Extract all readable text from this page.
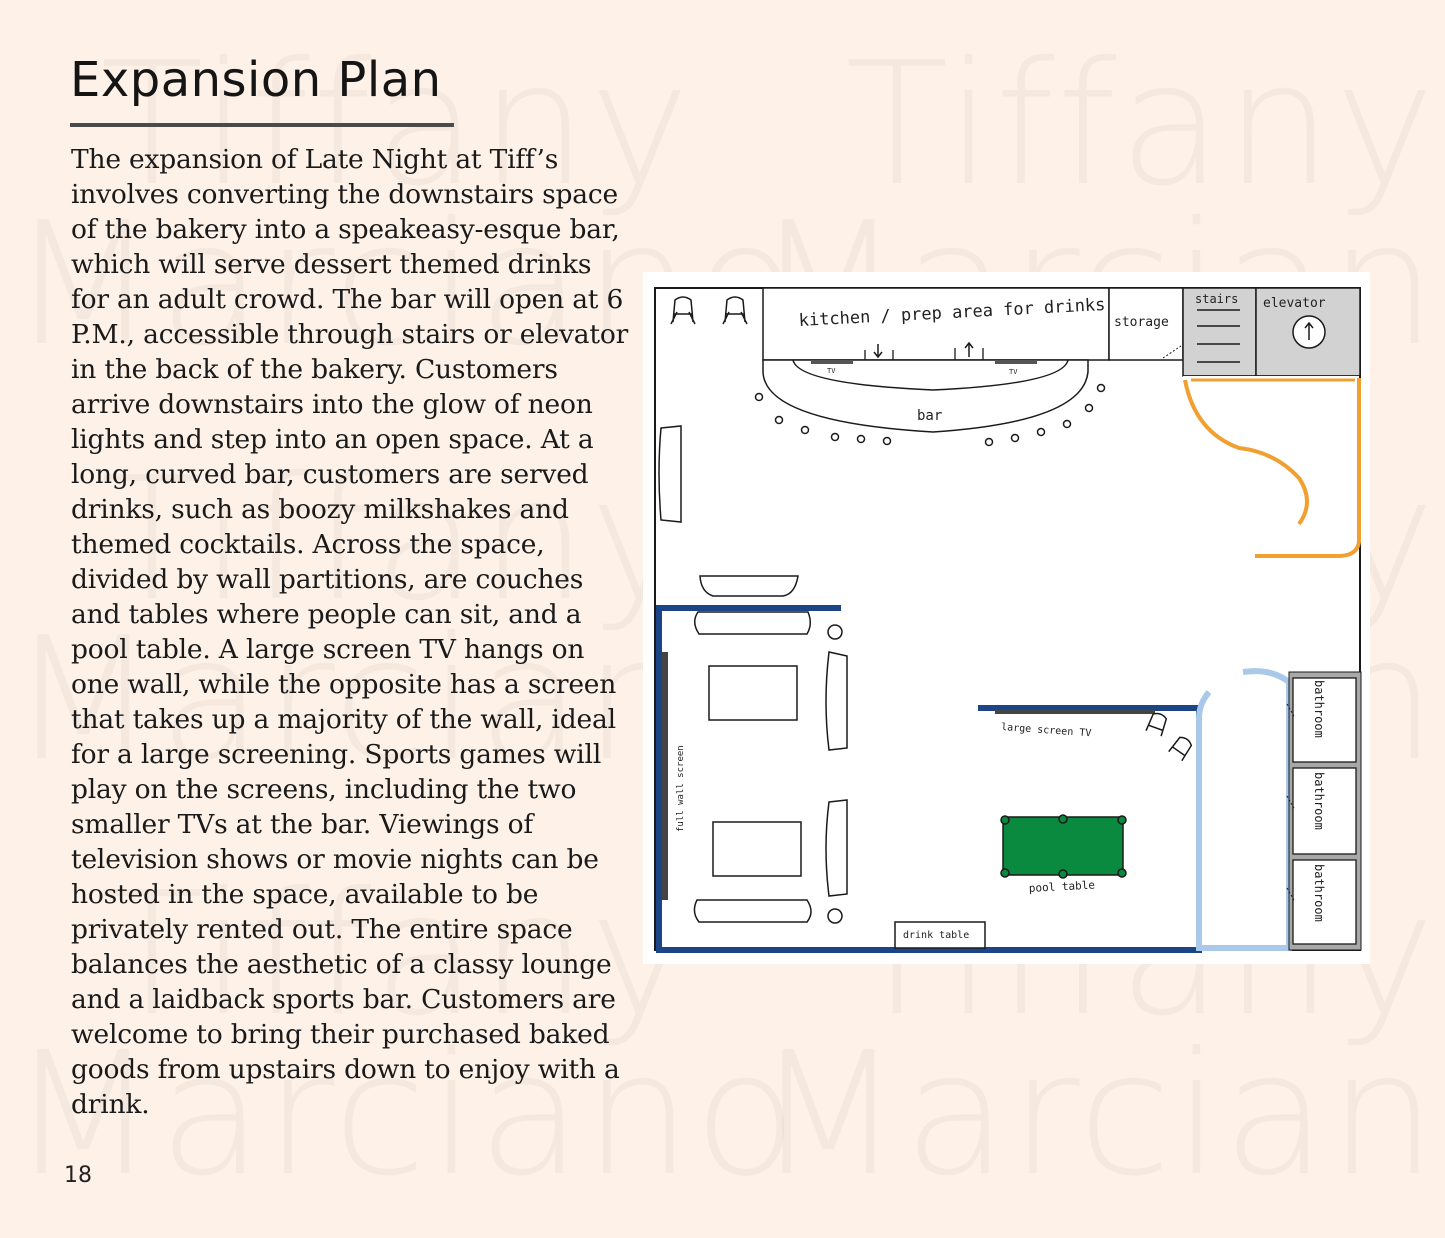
Expansion Plan

The expansion of Late Night at Tiff’s involves converting the downstairs space of the bakery into a speakeasy-esque bar, which will serve dessert themed drinks for an adult crowd. The bar will open at 6 P.M., accessible through stairs or elevator in the back of the bakery. Customers arrive downstairs into the glow of neon lights and step into an open space. At a long, curved bar, customers are served drinks, such as boozy milkshakes and themed cocktails. Across the space, divided by wall partitions, are couches and tables where people can sit, and a pool table. A large screen TV hangs on one wall, while the opposite has a screen that takes up a majority of the wall, ideal for a large screening. Sports games will play on the screens, including the two smaller TVs at the bar. Viewings of television shows or movie nights can be hosted in the space, available to be privately rented out. The entire space balances the aesthetic of a classy lounge and a laidback sports bar. Customers are welcome to bring their purchased baked goods from upstairs down to enjoy with a drink.

18
kitchen / prep area for drinks storage
stairs elevator
bar
TV	TV
full wall screen
large screen TV
pool table
drink table
bathroom
bathroom
bathroom
